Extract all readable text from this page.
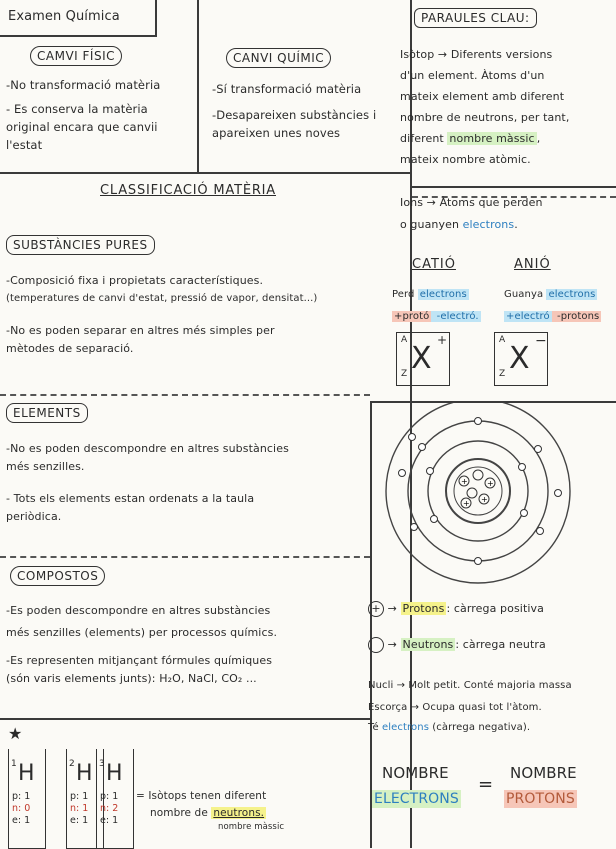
Examen Química
CAMVI FÍSIC

-No transformació matèria

- Es conserva la matèria

original encara que canvii

l'estat

CANVI QUÍMIC

-Sí transformació matèria

-Desapareixen substàncies i

apareixen unes noves

PARAULES CLAU:

Isòtop → Diferents versions

d'un element. Àtoms d'un

mateix element amb diferent

nombre de neutrons, per tant,

diferent nombre màssic ,

mateix nombre atòmic.

Ions → Àtoms que perden

o guanyen electrons.

CATIÓ	ANIÓ

Perd electrons

+protó -electró.

Guanya electrons

+electró -protons

A
Z X
+	A
Z X −
CLASSIFICACIÓ MATÈRIA
SUBSTÀNCIES PURES

-Composició fixa i propietats característiques.

(temperatures de canvi d'estat, pressió de vapor, densitat...)

-No es poden separar en altres més simples per

mètodes de separació.

ELEMENTS

-No es poden descompondre en altres substàncies

més senzilles.

- Tots els elements estan ordenats a la taula

periòdica.

COMPOSTOS

-Es poden descompondre en altres substàncies

més senzilles (elements) per processos químics.

-Es representen mitjançant fórmules químiques

(són varis elements junts): H₂O, NaCl, CO₂ ...

+ +
+
+
+ → Protons : càrrega positiva
→ Neutrons : càrrega neutra

Nucli → Molt petit. Conté majoria massa

Escorça → Ocupa quasi tot l'àtom.

Té electrons (càrrega negativa).

NOMBRE
ELECTRONS
=
NOMBRE
PROTONS
★
1 H

p: 1

n: 0

e: 1

2 H

p: 1

n: 1

e: 1

3 H

p: 1

n: 2

e: 1

= Isòtops tenen diferent

nombre de neutrons.

nombre màssic
